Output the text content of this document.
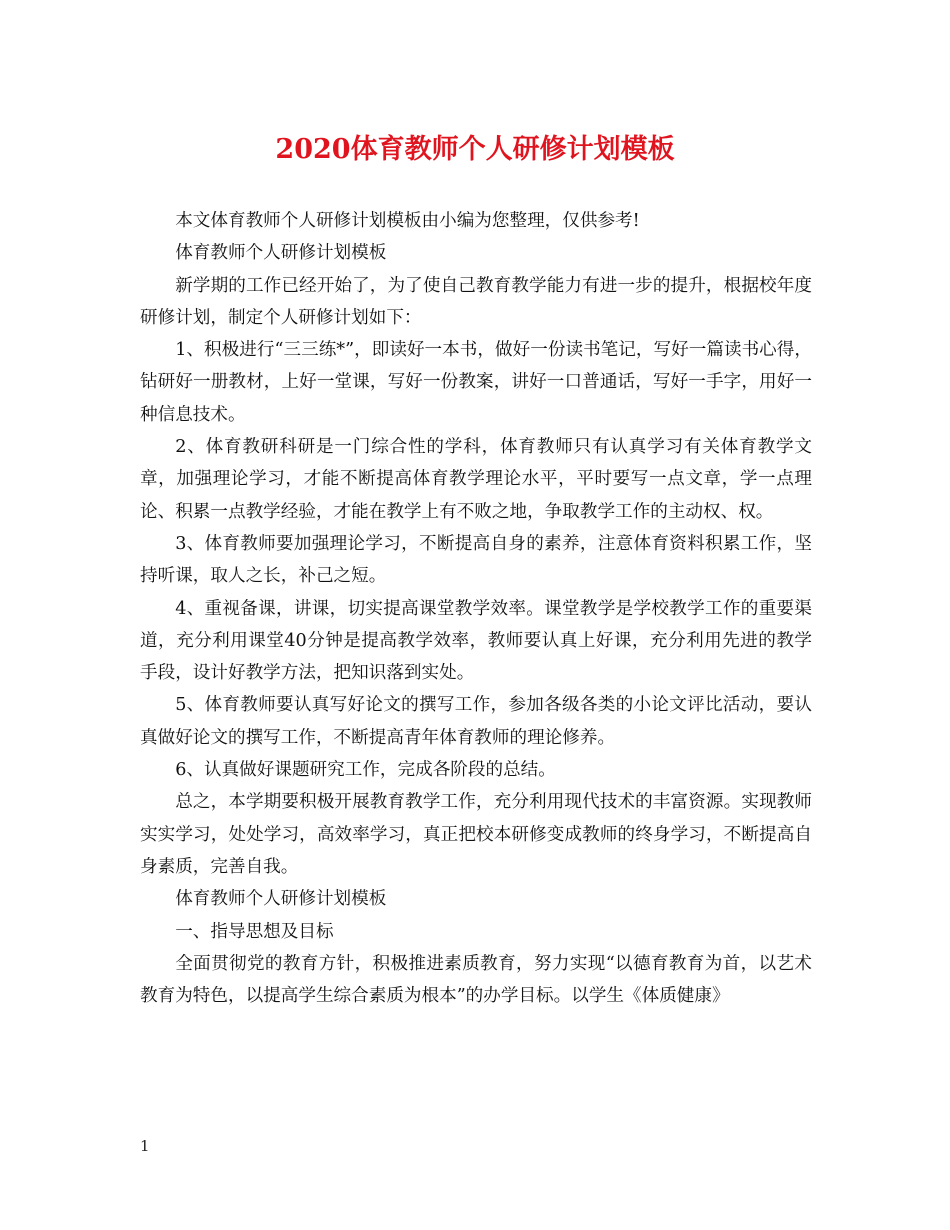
2020体育教师个人研修计划模板

本文体育教师个人研修计划模板由小编为您整理，仅供参考!

体育教师个人研修计划模板

新学期的工作已经开始了，为了使自己教育教学能力有进一步的提升，根据校年度研修计划，制定个人研修计划如下：

1、积极进行“三三练*”，即读好一本书，做好一份读书笔记，写好一篇读书心得，钻研好一册教材，上好一堂课，写好一份教案，讲好一口普通话，写好一手字，用好一种信息技术。

2、体育教研科研是一门综合性的学科，体育教师只有认真学习有关体育教学文章，加强理论学习，才能不断提高体育教学理论水平，平时要写一点文章，学一点理论、积累一点教学经验，才能在教学上有不败之地，争取教学工作的主动权、权。

3、体育教师要加强理论学习，不断提高自身的素养，注意体育资料积累工作，坚持听课，取人之长，补己之短。

4、重视备课，讲课，切实提高课堂教学效率。课堂教学是学校教学工作的重要渠道，充分利用课堂40分钟是提高教学效率，教师要认真上好课，充分利用先进的教学手段，设计好教学方法，把知识落到实处。

5、体育教师要认真写好论文的撰写工作，参加各级各类的小论文评比活动，要认真做好论文的撰写工作，不断提高青年体育教师的理论修养。

6、认真做好课题研究工作，完成各阶段的总结。

总之，本学期要积极开展教育教学工作，充分利用现代技术的丰富资源。实现教师实实学习，处处学习，高效率学习，真正把校本研修变成教师的终身学习，不断提高自身素质，完善自我。

体育教师个人研修计划模板

一、指导思想及目标

全面贯彻党的教育方针，积极推进素质教育，努力实现“以德育教育为首，以艺术教育为特色，以提高学生综合素质为根本”的办学目标。以学生《体质健康》

1
